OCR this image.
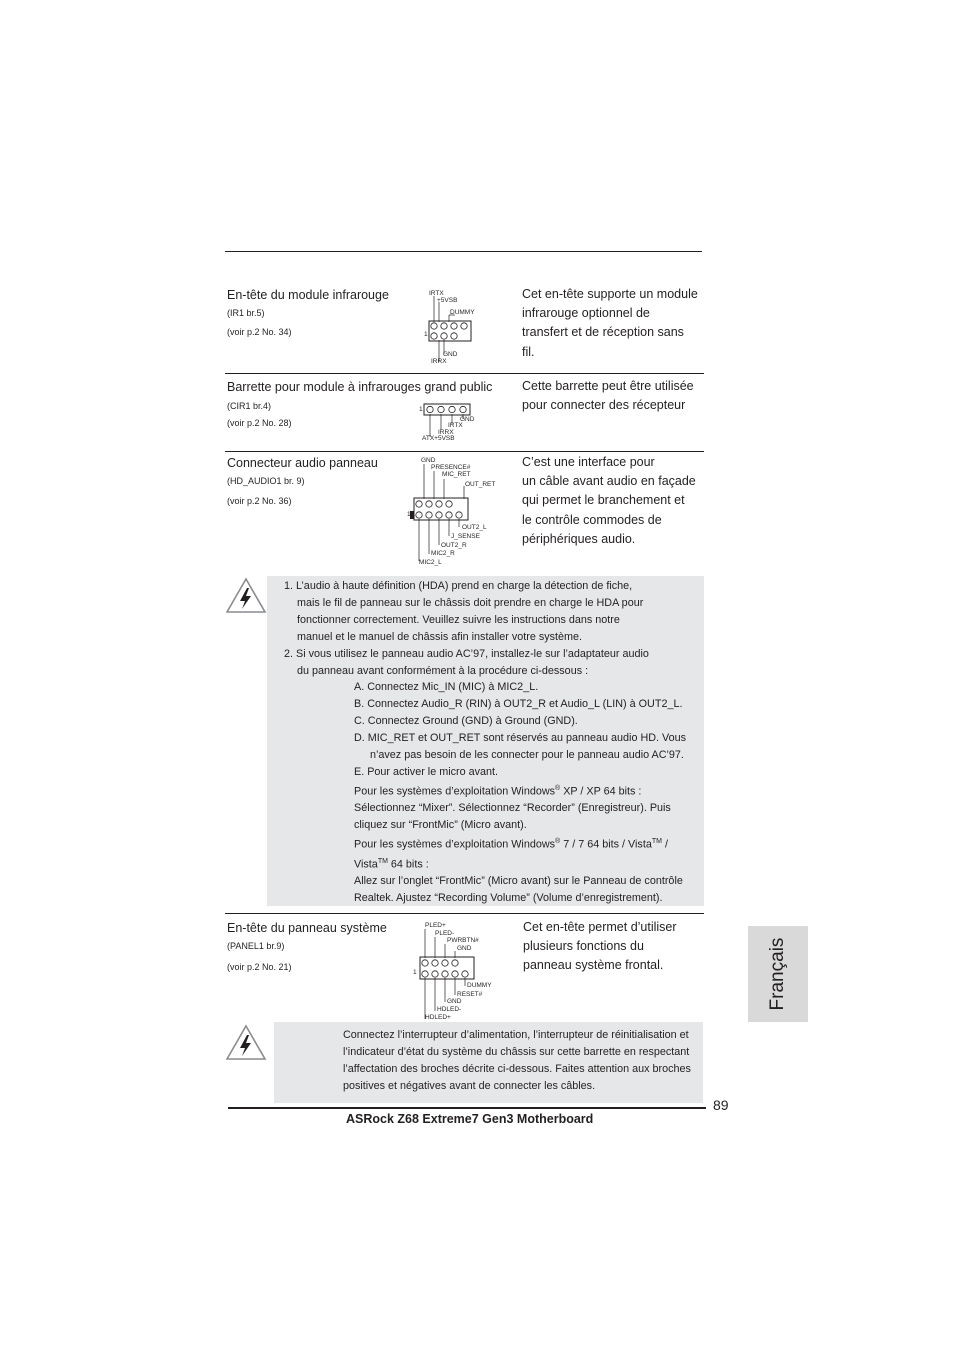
En-tête du module infrarouge
(IR1 br.5)
(voir p.2 No. 34)
IRTX
+5VSB
DUMMY
1
GND
IRRX
Cet en-tête supporte un module
infrarouge optionnel de
transfert et de réception sans
fil.
Barrette pour module à infrarouges grand public
(CIR1 br.4)
(voir p.2 No. 28)
1
GND
IRTX
IRRX
ATX+5VSB
Cette barrette peut être utilisée
pour connecter des récepteur
Connecteur audio panneau
(HD_AUDIO1 br. 9)
(voir p.2 No. 36)
GND
PRESENCE#
MIC_RET
OUT_RET
1
OUT2_L
J_SENSE
OUT2_R
MIC2_R
MIC2_L
C’est une interface pour
un câble avant audio en façade
qui permet le branchement et
le contrôle commodes de
périphériques audio.
1. L’audio à haute définition (HDA) prend en charge la détection de fiche,
mais le fil de panneau sur le châssis doit prendre en charge le HDA pour
fonctionner correctement. Veuillez suivre les instructions dans notre
manuel et le manuel de châssis afin installer votre système.
2. Si vous utilisez le panneau audio AC’97, installez-le sur l’adaptateur audio
du panneau avant conformément à la procédure ci-dessous :
A. Connectez Mic_IN (MIC) à MIC2_L.
B. Connectez Audio_R (RIN) à OUT2_R et Audio_L (LIN) à OUT2_L.
C. Connectez Ground (GND) à Ground (GND).
D. MIC_RET et OUT_RET sont réservés au panneau audio HD. Vous
n’avez pas besoin de les connecter pour le panneau audio AC’97.
E. Pour activer le micro avant.
Pour les systèmes d’exploitation Windows® XP / XP 64 bits :
Sélectionnez “Mixer”. Sélectionnez “Recorder” (Enregistreur). Puis
cliquez sur “FrontMic” (Micro avant).
Pour les systèmes d’exploitation Windows® 7 / 7 64 bits / Vista™ /
Vista™ 64 bits :
Allez sur l’onglet “FrontMic” (Micro avant) sur le Panneau de contrôle
Realtek. Ajustez “Recording Volume” (Volume d’enregistrement).
En-tête du panneau système
(PANEL1 br.9)
(voir p.2 No. 21)
PLED+
PLED-
PWRBTN#
GND
1
DUMMY
RESET#
GND
HDLED-
HDLED+
Cet en-tête permet d’utiliser
plusieurs fonctions du
panneau système frontal.	Français
Connectez l’interrupteur d’alimentation, l’interrupteur de réinitialisation et
l’indicateur d’état du système du châssis sur cette barrette en respectant
l’affectation des broches décrite ci-dessous. Faites attention aux broches
positives et négatives avant de connecter les câbles.
89
ASRock Z68 Extreme7 Gen3 Motherboard
